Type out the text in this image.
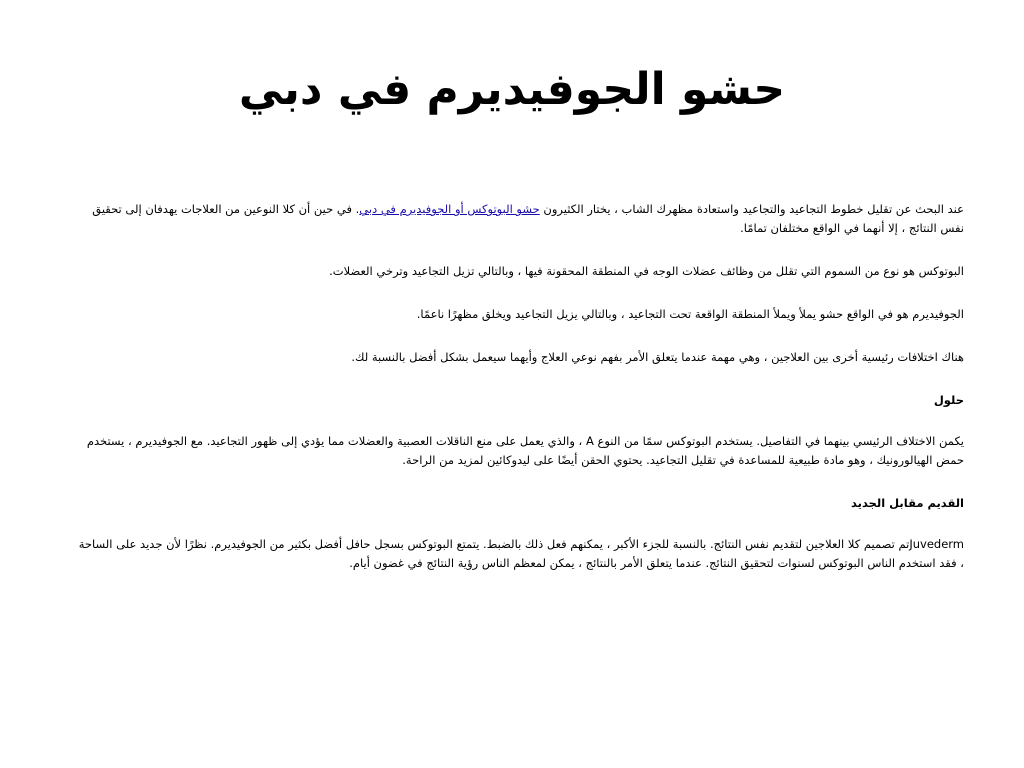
حشو الجوفيديرم في دبي

عند البحث عن تقليل خطوط التجاعيد والتجاعيد واستعادة مظهرك الشاب ، يختار الكثيرون حشو البوتوكس أو الجوفيديرم في دبي. في حين أن كلا النوعين من العلاجات يهدفان إلى تحقيق نفس النتائج ، إلا أنهما في الواقع مختلفان تمامًا.

البوتوكس هو نوع من السموم التي تقلل من وظائف عضلات الوجه في المنطقة المحقونة فيها ، وبالتالي تزيل التجاعيد وترخي العضلات.

الجوفيديرم هو في الواقع حشو يملأ ويملأ المنطقة الواقعة تحت التجاعيد ، وبالتالي يزيل التجاعيد ويخلق مظهرًا ناعمًا.

هناك اختلافات رئيسية أخرى بين العلاجين ، وهي مهمة عندما يتعلق الأمر بفهم نوعي العلاج وأيهما سيعمل بشكل أفضل بالنسبة لك.

حلول

يكمن الاختلاف الرئيسي بينهما في التفاصيل. يستخدم البوتوكس سمًا من النوع A ، والذي يعمل على منع الناقلات العصبية والعضلات مما يؤدي إلى ظهور التجاعيد. مع الجوفيديرم ، يستخدم حمض الهيالورونيك ، وهو مادة طبيعية للمساعدة في تقليل التجاعيد. يحتوي الحقن أيضًا على ليدوكائين لمزيد من الراحة.

القديم مقابل الجديد

Juvedermتم تصميم كلا العلاجين لتقديم نفس النتائج. بالنسبة للجزء الأكبر ، يمكنهم فعل ذلك بالضبط. يتمتع البوتوكس بسجل حافل أفضل بكثير من الجوفيديرم. نظرًا لأن جديد على الساحة ، فقد استخدم الناس البوتوكس لسنوات لتحقيق النتائج. عندما يتعلق الأمر بالنتائج ، يمكن لمعظم الناس رؤية النتائج في غضون أيام.
